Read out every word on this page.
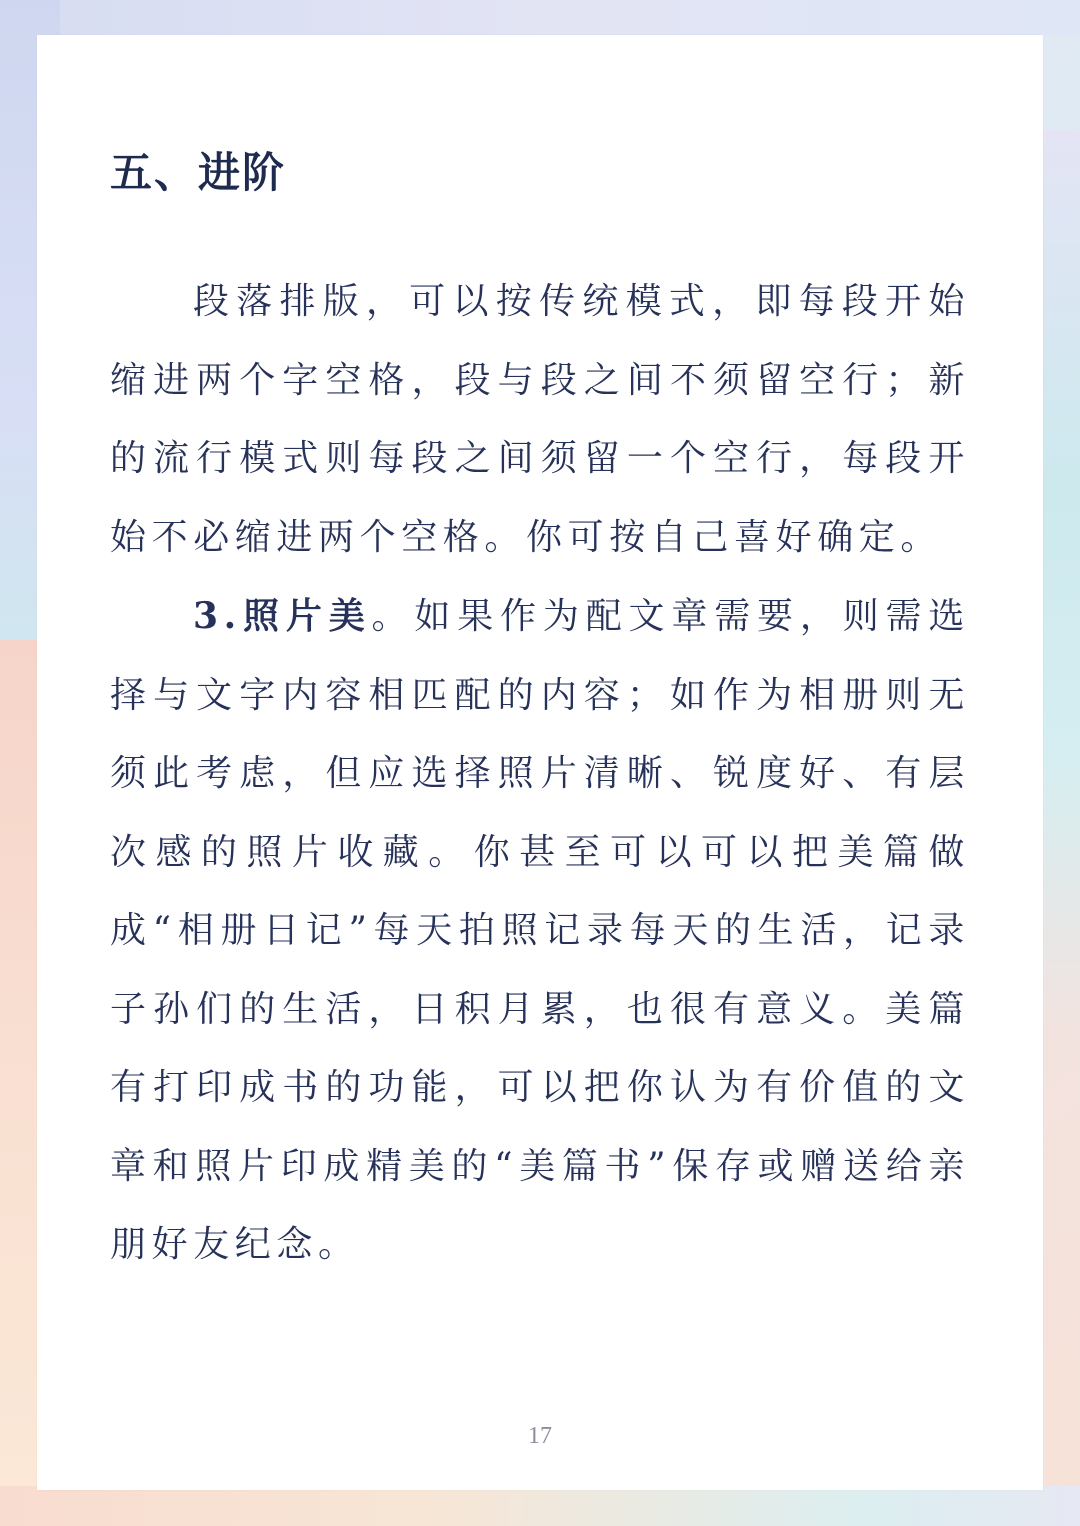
五、进阶

段落排版，可以按传统模式，即每段开始缩进两个字空格，段与段之间不须留空行；新的流行模式则每段之间须留一个空行，每段开始不必缩进两个空格。你可按自己喜好确定。

3.照片美。如果作为配文章需要，则需选择与文字内容相匹配的内容；如作为相册则无须此考虑，但应选择照片清晰、锐度好、有层次感的照片收藏。你甚至可以可以把美篇做成“相册日记”每天拍照记录每天的生活，记录子孙们的生活，日积月累，也很有意义。美篇有打印成书的功能，可以把你认为有价值的文章和照片印成精美的“美篇书”保存或赠送给亲朋好友纪念。

17
